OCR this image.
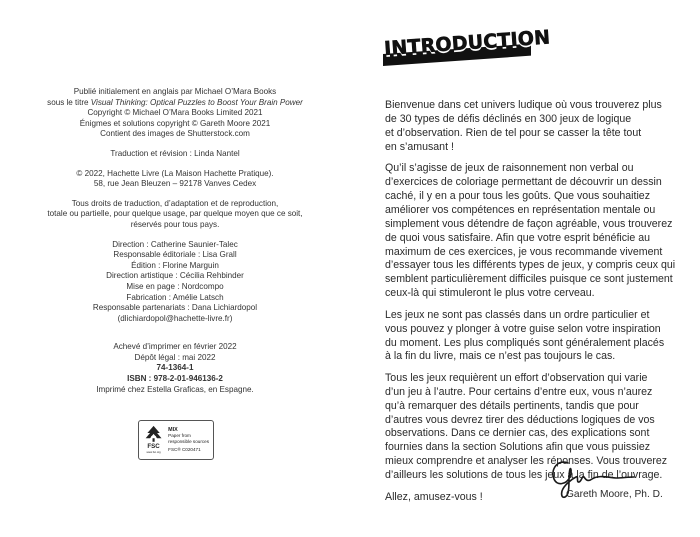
Publié initialement en anglais par Michael O’Mara Books
sous le titre Visual Thinking: Optical Puzzles to Boost Your Brain Power
Copyright © Michael O’Mara Books Limited 2021
Énigmes et solutions copyright © Gareth Moore 2021
Contient des images de Shutterstock.com
Traduction et révision : Linda Nantel
© 2022, Hachette Livre (La Maison Hachette Pratique).
58, rue Jean Bleuzen – 92178 Vanves Cedex
Tous droits de traduction, d’adaptation et de reproduction,
totale ou partielle, pour quelque usage, par quelque moyen que ce soit,
réservés pour tous pays.
Direction : Catherine Saunier-Talec
Responsable éditoriale : Lisa Grall
Édition : Florine Marguin
Direction artistique : Cécilia Rehbinder
Mise en page : Nordcompo
Fabrication : Amélie Latsch
Responsable partenariats : Dana Lichiardopol
(dlichiardopol@hachette-livre.fr)
Achevé d’imprimer en février 2022
Dépôt légal : mai 2022
74-1364-1
ISBN : 978-2-01-946136-2
Imprimé chez Estella Graficas, en Espagne.
FSC
www.fsc.org
MIX
Paper from
responsible sources
FSC® C020471
INTRODUCTION

Bienvenue dans cet univers ludique où vous trouverez plus
de 30 types de défis déclinés en 300 jeux de logique
et d’observation. Rien de tel pour se casser la tête tout
en s’amusant !

Qu’il s’agisse de jeux de raisonnement non verbal ou
d’exercices de coloriage permettant de découvrir un dessin
caché, il y en a pour tous les goûts. Que vous souhaitiez
améliorer vos compétences en représentation mentale ou
simplement vous détendre de façon agréable, vous trouverez
de quoi vous satisfaire. Afin que votre esprit bénéficie au
maximum de ces exercices, je vous recommande vivement
d’essayer tous les différents types de jeux, y compris ceux qui
semblent particulièrement difficiles puisque ce sont justement
ceux-là qui stimuleront le plus votre cerveau.

Les jeux ne sont pas classés dans un ordre particulier et
vous pouvez y plonger à votre guise selon votre inspiration
du moment. Les plus compliqués sont généralement placés
à la fin du livre, mais ce n’est pas toujours le cas.

Tous les jeux requièrent un effort d’observation qui varie
d’un jeu à l’autre. Pour certains d’entre eux, vous n’aurez
qu’à remarquer des détails pertinents, tandis que pour
d’autres vous devrez tirer des déductions logiques de vos
observations. Dans ce dernier cas, des explications sont
fournies dans la section Solutions afin que vous puissiez
mieux comprendre et analyser les réponses. Vous trouverez
d’ailleurs les solutions de tous les jeux à la fin de l’ouvrage.

Allez, amusez-vous !	Gareth Moore, Ph. D.
